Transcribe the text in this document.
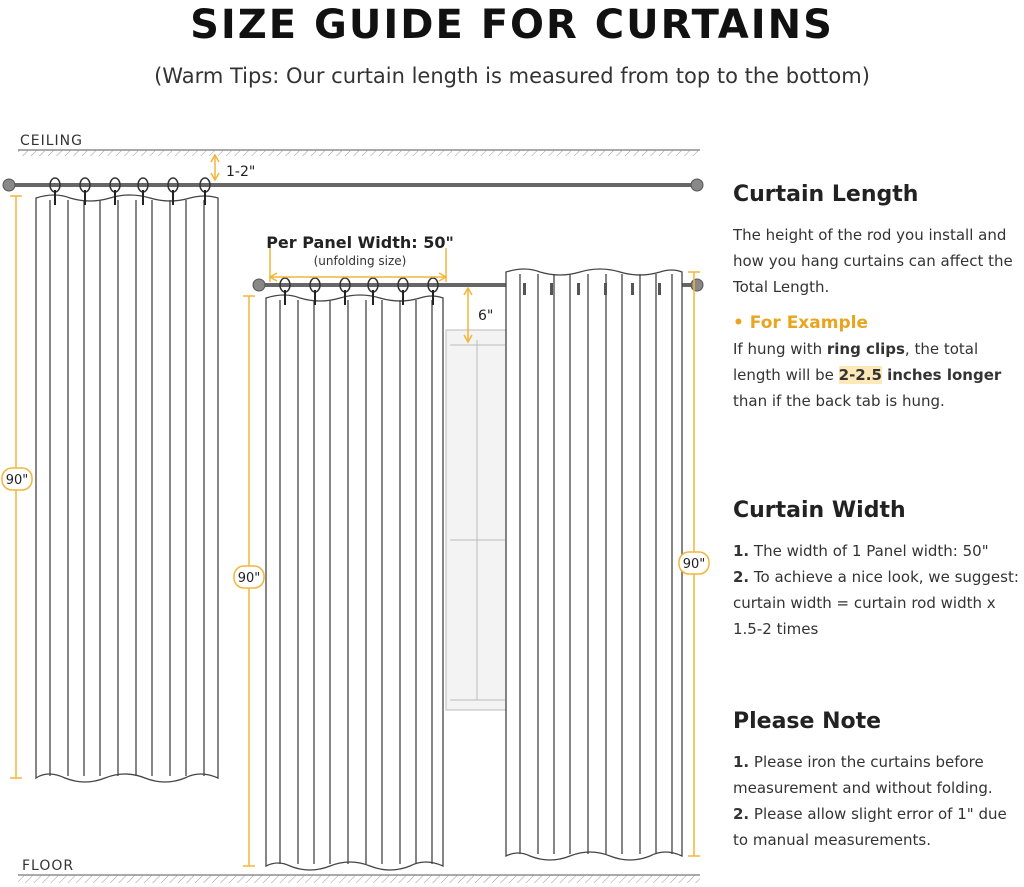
SIZE GUIDE FOR CURTAINS

(Warm Tips: Our curtain length is measured from top to the bottom)

CEILING
FLOOR
1-2"
90"
Per Panel Width: 50"
(unfolding size)
90"
6"
90"
Curtain Length

The height of the rod you install and how you hang curtains can affect the Total Length.

• For Example

If hung with ring clips, the total length will be 2-2.5 inches longer than if the back tab is hung.

Curtain Width

1. The width of 1 Panel width: 50"

2. To achieve a nice look, we suggest: curtain width = curtain rod width x 1.5-2 times

Please Note

1. Please iron the curtains before measurement and without folding.

2. Please allow slight error of 1" due to manual measurements.
